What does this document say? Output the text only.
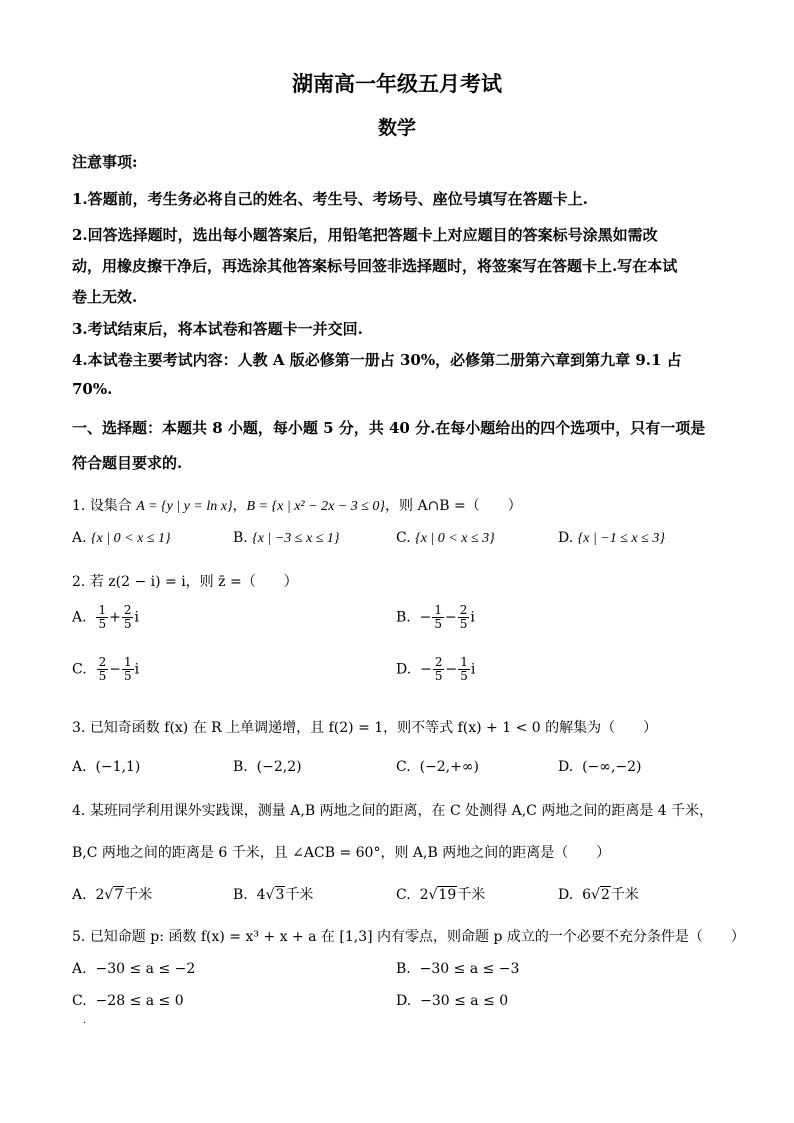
湖南高一年级五月考试
数学
注意事项:
1.答题前，考生务必将自己的姓名、考生号、考场号、座位号填写在答题卡上.
2.回答选择题时，选出每小题答案后，用铅笔把答题卡上对应题目的答案标号涂黑如需改
动，用橡皮擦干净后，再选涂其他答案标号回签非选择题时，将签案写在答题卡上.写在本试
卷上无效.
3.考试结束后，将本试卷和答题卡一并交回.
4.本试卷主要考试内容：人教 A 版必修第一册占 30%，必修第二册第六章到第九章 9.1 占
70%.
一、选择题：本题共 8 小题，每小题 5 分，共 40 分.在每小题给出的四个选项中，只有一项是
符合题目要求的.
1. 设集合 A = {y | y = ln x}，B = {x | x² − 2x − 3 ≤ 0}，则 A∩B =（　　）
A. {x | 0 < x ≤ 1}	B. {x | −3 ≤ x ≤ 1}	C. {x | 0 < x ≤ 3}	D. {x | −1 ≤ x ≤ 3}
2. 若 z(2 − i) = i，则 z̄ =（　　）
A. $\frac{1}{5} + \frac{2}{5}$ i	B. − $\frac{1}{5} - \frac{2}{5}$ i
C. $\frac{2}{5} - \frac{1}{5}$ i	D. − $\frac{2}{5} - \frac{1}{5}$ i
3. 已知奇函数 f(x) 在 R 上单调递增，且 f(2) = 1，则不等式 f(x) + 1 < 0 的解集为（　　）
A. (−1,1)	B. (−2,2)	C. (−2,+∞)	D. (−∞,−2)
4. 某班同学利用课外实践课，测量 A,B 两地之间的距离，在 C 处测得 A,C 两地之间的距离是 4 千米，
B,C 两地之间的距离是 6 千米，且 ∠ACB = 60°，则 A,B 两地之间的距离是（　　）
A. 2√7千米	B. 4√3千米	C. 2√19千米	D. 6√2千米
5. 已知命题 p: 函数 f(x) = x³ + x + a 在 [1,3] 内有零点，则命题 p 成立的一个必要不充分条件是（　　）
A. −30 ≤ a ≤ −2	B. −30 ≤ a ≤ −3
C. −28 ≤ a ≤ 0	D. −30 ≤ a ≤ 0
·
